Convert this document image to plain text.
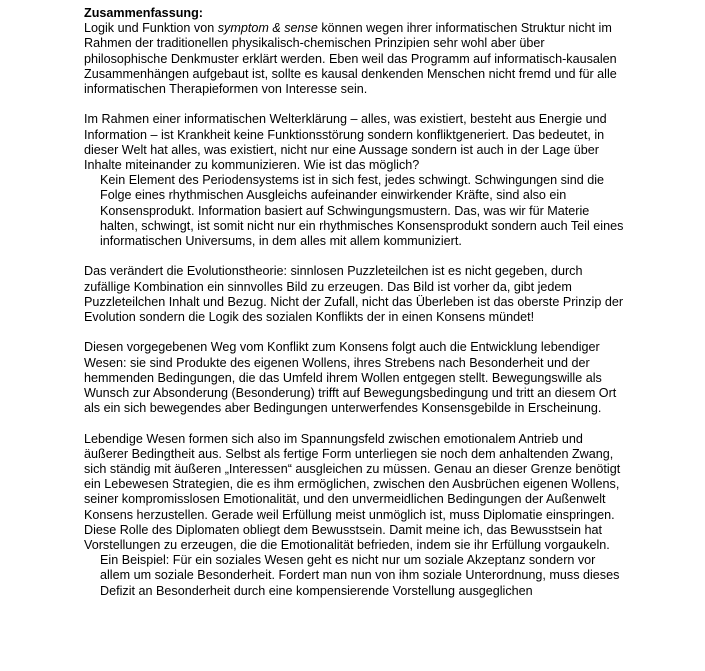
Zusammenfassung:

Logik und Funktion von symptom & sense können wegen ihrer informatischen Struktur nicht im Rahmen der traditionellen physikalisch-chemischen Prinzipien sehr wohl aber über philosophische Denkmuster erklärt werden. Eben weil das Programm auf informatisch-kausalen Zusammenhängen aufgebaut ist, sollte es kausal denkenden Menschen nicht fremd und für alle informatischen Therapieformen von Interesse sein.

Im Rahmen einer informatischen Welterklärung – alles, was existiert, besteht aus Energie und Information – ist Krankheit keine Funktionsstörung sondern konfliktgeneriert. Das bedeutet, in dieser Welt hat alles, was existiert, nicht nur eine Aussage sondern ist auch in der Lage über Inhalte miteinander zu kommunizieren. Wie ist das möglich?

Kein Element des Periodensystems ist in sich fest, jedes schwingt. Schwingungen sind die Folge eines rhythmischen Ausgleichs aufeinander einwirkender Kräfte, sind also ein Konsensprodukt. Information basiert auf Schwingungsmustern. Das, was wir für Materie halten, schwingt, ist somit nicht nur ein rhythmisches Konsensprodukt sondern auch Teil eines informatischen Universums, in dem alles mit allem kommuniziert.

Das verändert die Evolutionstheorie: sinnlosen Puzzleteilchen ist es nicht gegeben, durch zufällige Kombination ein sinnvolles Bild zu erzeugen. Das Bild ist vorher da, gibt jedem Puzzleteilchen Inhalt und Bezug. Nicht der Zufall, nicht das Überleben ist das oberste Prinzip der Evolution sondern die Logik des sozialen Konflikts der in einen Konsens mündet!

Diesen vorgegebenen Weg vom Konflikt zum Konsens folgt auch die Entwicklung lebendiger Wesen: sie sind Produkte des eigenen Wollens, ihres Strebens nach Besonderheit und der hemmenden Bedingungen, die das Umfeld ihrem Wollen entgegen stellt. Bewegungswille als Wunsch zur Absonderung (Besonderung) trifft auf Bewegungsbedingung und tritt an diesem Ort als ein sich bewegendes aber Bedingungen unterwerfendes Konsensgebilde in Erscheinung.

Lebendige Wesen formen sich also im Spannungsfeld zwischen emotionalem Antrieb und äußerer Bedingtheit aus. Selbst als fertige Form unterliegen sie noch dem anhaltenden Zwang, sich ständig mit äußeren „Interessen“ ausgleichen zu müssen. Genau an dieser Grenze benötigt ein Lebewesen Strategien, die es ihm ermöglichen, zwischen den Ausbrüchen eigenen Wollens, seiner kompromisslosen Emotionalität, und den unvermeidlichen Bedingungen der Außenwelt Konsens herzustellen. Gerade weil Erfüllung meist unmöglich ist, muss Diplomatie einspringen. Diese Rolle des Diplomaten obliegt dem Bewusstsein. Damit meine ich, das Bewusstsein hat Vorstellungen zu erzeugen, die die Emotionalität befrieden, indem sie ihr Erfüllung vorgaukeln.

Ein Beispiel: Für ein soziales Wesen geht es nicht nur um soziale Akzeptanz sondern vor allem um soziale Besonderheit. Fordert man nun von ihm soziale Unterordnung, muss dieses Defizit an Besonderheit durch eine kompensierende Vorstellung ausgeglichen
